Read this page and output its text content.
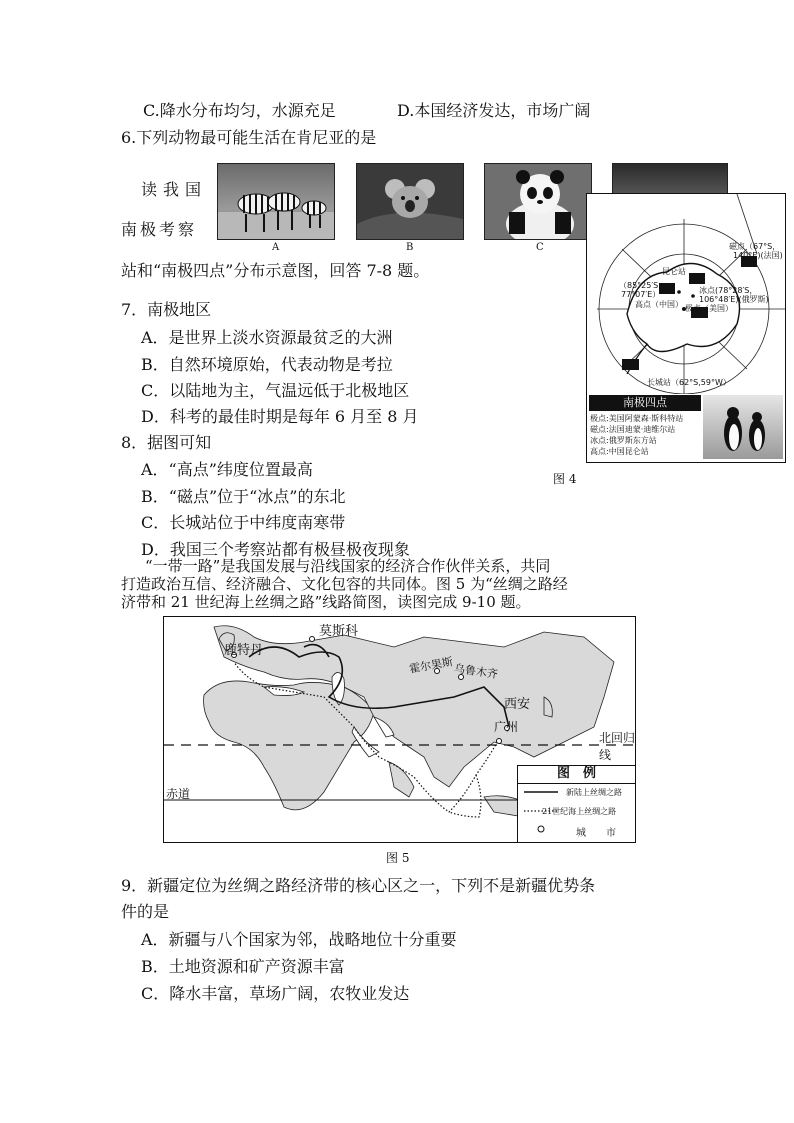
C.降水分布均匀，水源充足	D.本国经济发达，市场广阔
6.下列动物最可能生活在肯尼亚的是
A	B	C
读我国
南极考察
站和“南极四点”分布示意图，回答 7-8 题。
7．南极地区
A．是世界上淡水资源最贫乏的大洲
B．自然环境原始，代表动物是考拉
C．以陆地为主，气温远低于北极地区
D．科考的最佳时期是每年 6 月至 8 月
8．据图可知
A．“高点”纬度位置最高
B．“磁点”位于“冰点”的东北
C．长城站位于中纬度南寒带
D．我国三个考察站都有极昼极夜现象
磁点（67°S，
140°E)(法国)
昆仑站
（85°25′S，
77°07′E）
高点（中国）
冰点(78°28′S，
106°48′E)(俄罗斯)
极点（美国）
长城站（62°S,59°W）
南极四点
极点:美国阿蒙森·斯科特站
磁点:法国迪蒙·迪维尔站
冰点:俄罗斯东方站
高点:中国昆仑站
图 4
“一带一路”是我国发展与沿线国家的经济合作伙伴关系，共同
打造政治互信、经济融合、文化包容的共同体。图 5 为“丝绸之路经
济带和 21 世纪海上丝绸之路”线路简图，读图完成 9-10 题。
莫斯科
鹿特丹
霍尔果斯 乌鲁木齐
西安
广州
北回归线
赤道
图　例
新陆上丝绸之路
21世纪海上丝绸之路
城　　市
图 5
9．新疆定位为丝绸之路经济带的核心区之一，下列不是新疆优势条
件的是
A．新疆与八个国家为邻，战略地位十分重要
B．土地资源和矿产资源丰富
C．降水丰富，草场广阔，农牧业发达
